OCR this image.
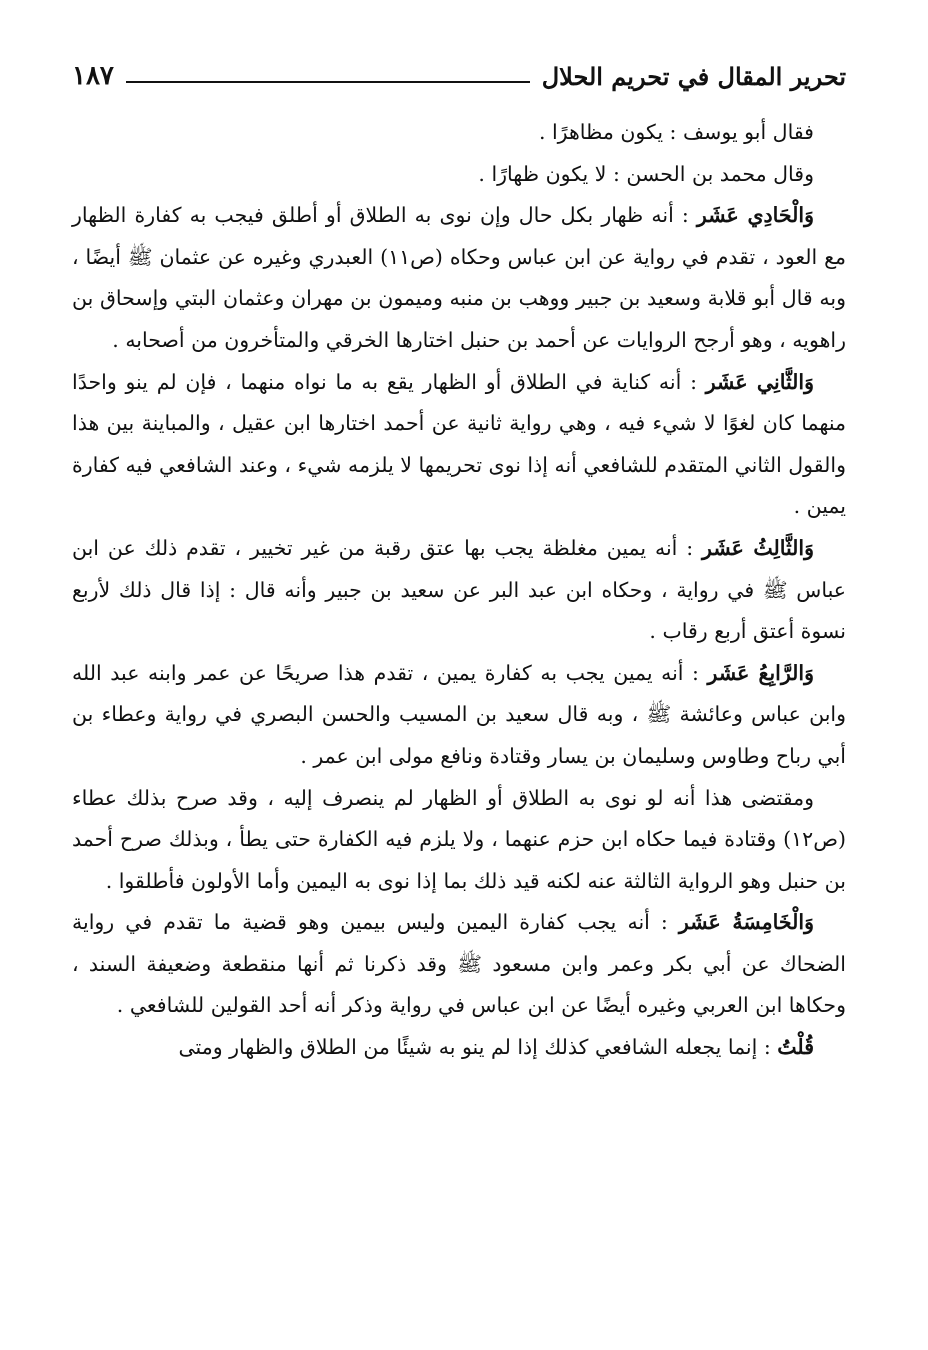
تحرير المقال في تحريم الحلال
١٨٧

فقال أبو يوسف : يكون مظاهرًا .

وقال محمد بن الحسن : لا يكون ظهارًا .

وَالْحَادِي عَشَر : أنه ظهار بكل حال وإن نوى به الطلاق أو أطلق فيجب به كفارة الظهار مع العود ، تقدم في رواية عن ابن عباس وحكاه (ص١١) العبدري وغيره عن عثمان ﷺ أيضًا ، وبه قال أبو قلابة وسعيد بن جبير ووهب بن منبه وميمون بن مهران وعثمان البتي وإسحاق بن راهويه ، وهو أرجح الروايات عن أحمد بن حنبل اختارها الخرقي والمتأخرون من أصحابه .

وَالثَّانِي عَشَر : أنه كناية في الطلاق أو الظهار يقع به ما نواه منهما ، فإن لم ينو واحدًا منهما كان لغوًا لا شيء فيه ، وهي رواية ثانية عن أحمد اختارها ابن عقيل ، والمباينة بين هذا والقول الثاني المتقدم للشافعي أنه إذا نوى تحريمها لا يلزمه شيء ، وعند الشافعي فيه كفارة يمين .

وَالثَّالِثُ عَشَر : أنه يمين مغلظة يجب بها عتق رقبة من غير تخيير ، تقدم ذلك عن ابن عباس ﷺ في رواية ، وحكاه ابن عبد البر عن سعيد بن جبير وأنه قال : إذا قال ذلك لأربع نسوة أعتق أربع رقاب .

وَالرَّابِعُ عَشَر : أنه يمين يجب به كفارة يمين ، تقدم هذا صريحًا عن عمر وابنه عبد الله وابن عباس وعائشة ﷺ ، وبه قال سعيد بن المسيب والحسن البصري في رواية وعطاء بن أبي رباح وطاوس وسليمان بن يسار وقتادة ونافع مولى ابن عمر .

ومقتضى هذا أنه لو نوى به الطلاق أو الظهار لم ينصرف إليه ، وقد صرح بذلك عطاء (ص١٢) وقتادة فيما حكاه ابن حزم عنهما ، ولا يلزم فيه الكفارة حتى يطأ ، وبذلك صرح أحمد بن حنبل وهو الرواية الثالثة عنه لكنه قيد ذلك بما إذا نوى به اليمين وأما الأولون فأطلقوا .

وَالْخَامِسَةُ عَشَر : أنه يجب كفارة اليمين وليس بيمين وهو قضية ما تقدم في رواية الضحاك عن أبي بكر وعمر وابن مسعود ﷺ وقد ذكرنا ثم أنها منقطعة وضعيفة السند ، وحكاها ابن العربي وغيره أيضًا عن ابن عباس في رواية وذكر أنه أحد القولين للشافعي .

قُلْتُ : إنما يجعله الشافعي كذلك إذا لم ينو به شيئًا من الطلاق والظهار ومتى
